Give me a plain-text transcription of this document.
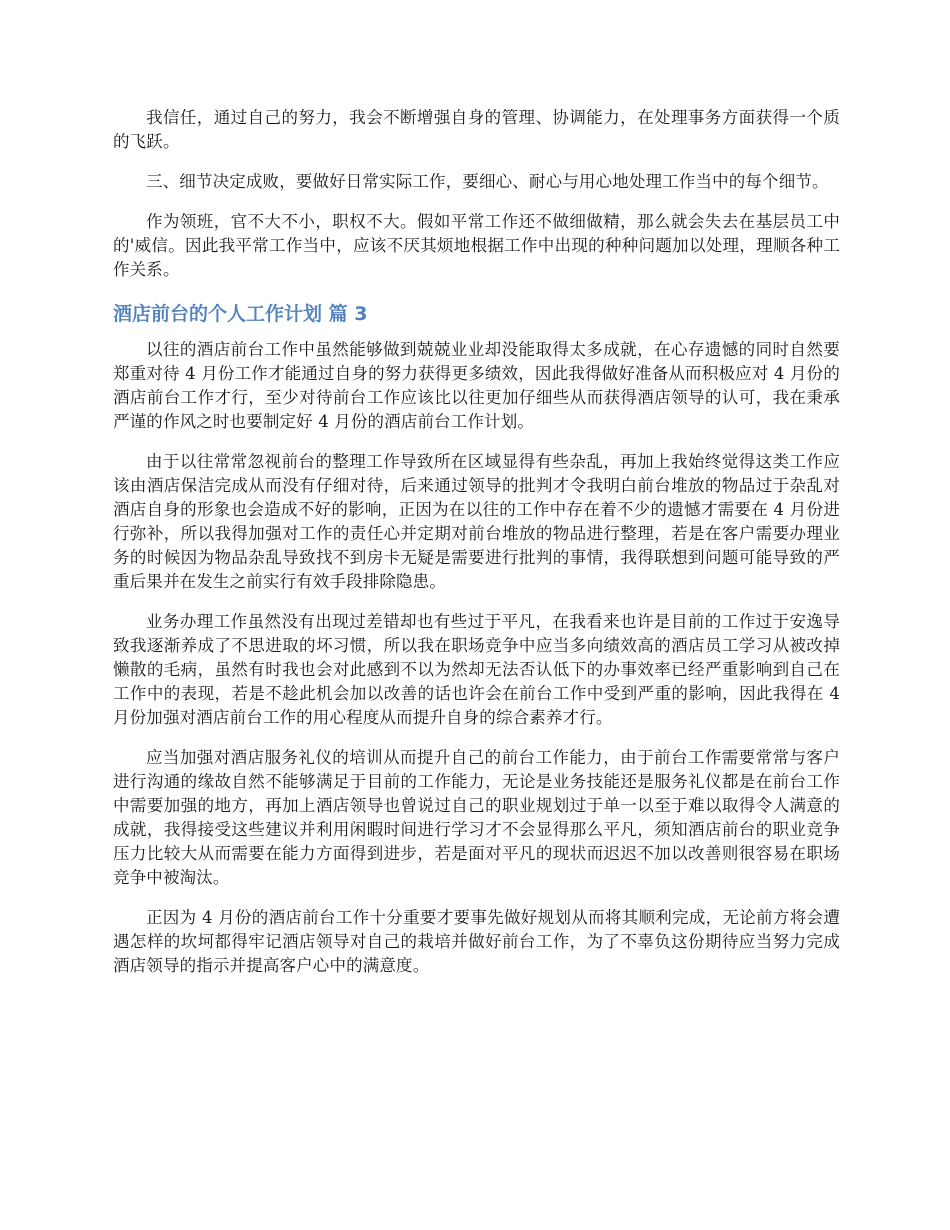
我信任，通过自己的努力，我会不断增强自身的管理、协调能力，在处理事务方面获得一个质的飞跃。

三、细节决定成败，要做好日常实际工作，要细心、耐心与用心地处理工作当中的每个细节。

作为领班，官不大不小，职权不大。假如平常工作还不做细做精，那么就会失去在基层员工中的'威信。因此我平常工作当中，应该不厌其烦地根据工作中出现的种种问题加以处理，理顺各种工作关系。

酒店前台的个人工作计划 篇 3

以往的酒店前台工作中虽然能够做到兢兢业业却没能取得太多成就，在心存遗憾的同时自然要郑重对待 4 月份工作才能通过自身的努力获得更多绩效，因此我得做好准备从而积极应对 4 月份的酒店前台工作才行，至少对待前台工作应该比以往更加仔细些从而获得酒店领导的认可，我在秉承严谨的作风之时也要制定好 4 月份的酒店前台工作计划。

由于以往常常忽视前台的整理工作导致所在区域显得有些杂乱，再加上我始终觉得这类工作应该由酒店保洁完成从而没有仔细对待，后来通过领导的批判才令我明白前台堆放的物品过于杂乱对酒店自身的形象也会造成不好的影响，正因为在以往的工作中存在着不少的遗憾才需要在 4 月份进行弥补，所以我得加强对工作的责任心并定期对前台堆放的物品进行整理，若是在客户需要办理业务的时候因为物品杂乱导致找不到房卡无疑是需要进行批判的事情，我得联想到问题可能导致的严重后果并在发生之前实行有效手段排除隐患。

业务办理工作虽然没有出现过差错却也有些过于平凡，在我看来也许是目前的工作过于安逸导致我逐渐养成了不思进取的坏习惯，所以我在职场竞争中应当多向绩效高的酒店员工学习从被改掉懒散的毛病，虽然有时我也会对此感到不以为然却无法否认低下的办事效率已经严重影响到自己在工作中的表现，若是不趁此机会加以改善的话也许会在前台工作中受到严重的影响，因此我得在 4 月份加强对酒店前台工作的用心程度从而提升自身的综合素养才行。

应当加强对酒店服务礼仪的培训从而提升自己的前台工作能力，由于前台工作需要常常与客户进行沟通的缘故自然不能够满足于目前的工作能力，无论是业务技能还是服务礼仪都是在前台工作中需要加强的地方，再加上酒店领导也曾说过自己的职业规划过于单一以至于难以取得令人满意的成就，我得接受这些建议并利用闲暇时间进行学习才不会显得那么平凡，须知酒店前台的职业竞争压力比较大从而需要在能力方面得到进步，若是面对平凡的现状而迟迟不加以改善则很容易在职场竞争中被淘汰。

正因为 4 月份的酒店前台工作十分重要才要事先做好规划从而将其顺利完成，无论前方将会遭遇怎样的坎坷都得牢记酒店领导对自己的栽培并做好前台工作，为了不辜负这份期待应当努力完成酒店领导的指示并提高客户心中的满意度。
